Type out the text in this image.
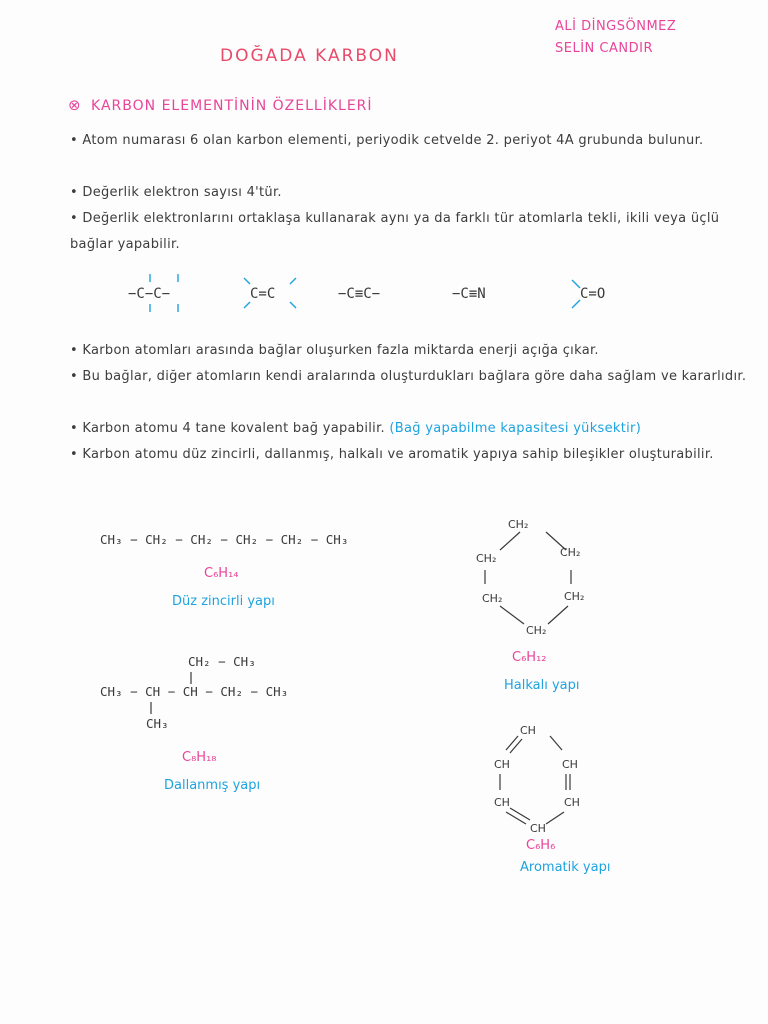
DOĞADA KARBON
ALİ DİNGSÖNMEZ
SELİN CANDIR
⊗ KARBON ELEMENTİNİN ÖZELLİKLERİ
• Atom numarası 6 olan karbon elementi, periyodik cetvelde 2. periyot 4A grubunda bulunur.
• Değerlik elektron sayısı 4'tür.
• Değerlik elektronlarını ortaklaşa kullanarak aynı ya da farklı tür atomlarla tekli, ikili veya üçlü bağlar yapabilir.
−C−C−	C=C	−C≡C−	−C≡N	C=O
• Karbon atomları arasında bağlar oluşurken fazla miktarda enerji açığa çıkar.
• Bu bağlar, diğer atomların kendi aralarında oluşturdukları bağlara göre daha sağlam ve kararlıdır.
• Karbon atomu 4 tane kovalent bağ yapabilir. (Bağ yapabilme kapasitesi yüksektir)
• Karbon atomu düz zincirli, dallanmış, halkalı ve aromatik yapıya sahip bileşikler oluşturabilir.
CH₃ − CH₂ − CH₂ − CH₂ − CH₂ − CH₃
C₆H₁₄
Düz zincirli yapı
CH₂
CH₂	CH₂
CH₂	CH₂
CH₂
C₆H₁₂
Halkalı yapı
CH₂ − CH₃
CH₃ − CH − CH − CH₂ − CH₃
CH₃
C₈H₁₈
Dallanmış yapı
CH
CH	CH
CH	CH
CH
C₆H₆
Aromatik yapı
